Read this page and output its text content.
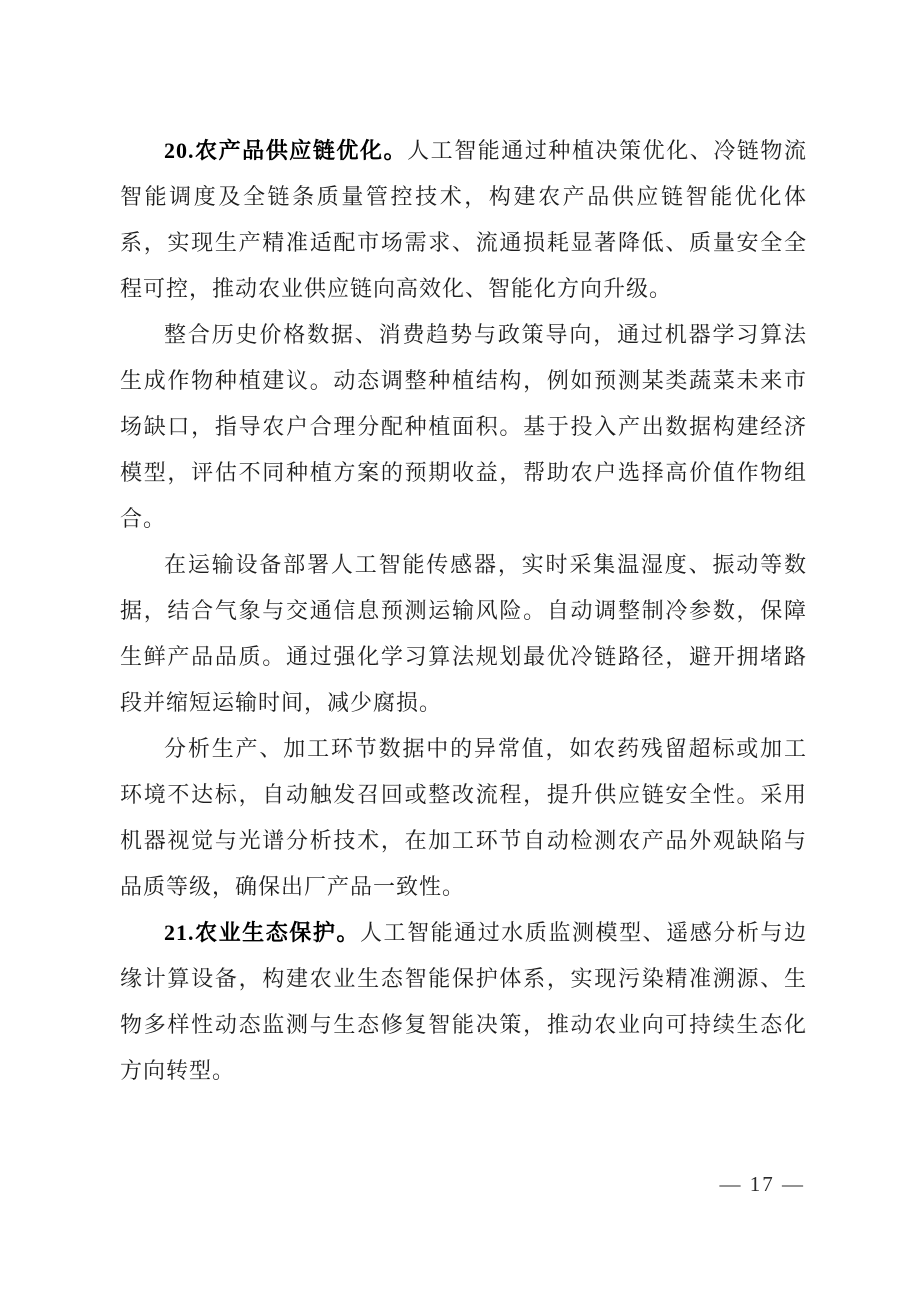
20.农产品供应链优化。人工智能通过种植决策优化、冷链物流智能调度及全链条质量管控技术，构建农产品供应链智能优化体系，实现生产精准适配市场需求、流通损耗显著降低、质量安全全程可控，推动农业供应链向高效化、智能化方向升级。

整合历史价格数据、消费趋势与政策导向，通过机器学习算法生成作物种植建议。动态调整种植结构，例如预测某类蔬菜未来市场缺口，指导农户合理分配种植面积。基于投入产出数据构建经济模型，评估不同种植方案的预期收益，帮助农户选择高价值作物组合。

在运输设备部署人工智能传感器，实时采集温湿度、振动等数据，结合气象与交通信息预测运输风险。自动调整制冷参数，保障生鲜产品品质。通过强化学习算法规划最优冷链路径，避开拥堵路段并缩短运输时间，减少腐损。

分析生产、加工环节数据中的异常值，如农药残留超标或加工环境不达标，自动触发召回或整改流程，提升供应链安全性。采用机器视觉与光谱分析技术，在加工环节自动检测农产品外观缺陷与品质等级，确保出厂产品一致性。

21.农业生态保护。人工智能通过水质监测模型、遥感分析与边缘计算设备，构建农业生态智能保护体系，实现污染精准溯源、生物多样性动态监测与生态修复智能决策，推动农业向可持续生态化方向转型。

— 17 —
